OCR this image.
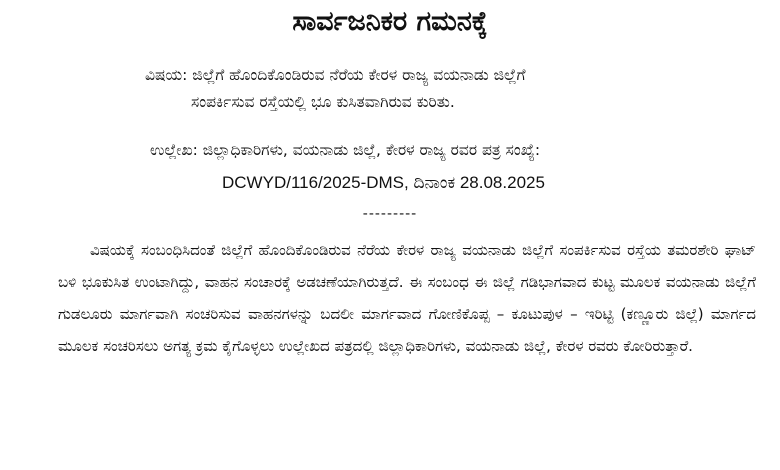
ಸಾರ್ವಜನಿಕರ ಗಮನಕ್ಕೆ
ವಿಷಯ: ಜಿಲ್ಲೆಗೆ ಹೊಂದಿಕೊಂಡಿರುವ ನೆರೆಯ ಕೇರಳ ರಾಜ್ಯ ವಯನಾಡು ಜಿಲ್ಲೆಗೆ
ಸಂಪರ್ಕಿಸುವ ರಸ್ತೆಯಲ್ಲಿ ಭೂ ಕುಸಿತವಾಗಿರುವ ಕುರಿತು.
ಉಲ್ಲೇಖ: ಜಿಲ್ಲಾಧಿಕಾರಿಗಳು, ವಯನಾಡು ಜಿಲ್ಲೆ, ಕೇರಳ ರಾಜ್ಯ ರವರ ಪತ್ರ ಸಂಖ್ಯೆ:
DCWYD/116/2025-DMS, ದಿನಾಂಕ 28.08.2025
---------
ವಿಷಯಕ್ಕೆ ಸಂಬಂಧಿಸಿದಂತೆ ಜಿಲ್ಲೆಗೆ ಹೊಂದಿಕೊಂಡಿರುವ ನೆರೆಯ ಕೇರಳ ರಾಜ್ಯ ವಯನಾಡು ಜಿಲ್ಲೆಗೆ ಸಂಪರ್ಕಿಸುವ ರಸ್ತೆಯ ತಮರಶೇರಿ ಘಾಟ್ ಬಳಿ ಭೂಕುಸಿತ ಉಂಟಾಗಿದ್ದು, ವಾಹನ ಸಂಚಾರಕ್ಕೆ ಅಡಚಣೆಯಾಗಿರುತ್ತದೆ. ಈ ಸಂಬಂಧ ಈ ಜಿಲ್ಲೆ ಗಡಿಭಾಗವಾದ ಕುಟ್ಟ ಮೂಲಕ ವಯನಾಡು ಜಿಲ್ಲೆಗೆ ಗುಡಲೂರು ಮಾರ್ಗವಾಗಿ ಸಂಚರಿಸುವ ವಾಹನಗಳನ್ನು ಬದಲೀ ಮಾರ್ಗವಾದ ಗೋಣಿಕೊಪ್ಪ – ಕೂಟುಪುಳ – ಇರಿಟ್ಟಿ (ಕಣ್ಣೂರು ಜಿಲ್ಲೆ) ಮಾರ್ಗದ ಮೂಲಕ ಸಂಚರಿಸಲು ಅಗತ್ಯ ಕ್ರಮ ಕೈಗೊಳ್ಳಲು ಉಲ್ಲೇಖದ ಪತ್ರದಲ್ಲಿ ಜಿಲ್ಲಾಧಿಕಾರಿಗಳು, ವಯನಾಡು ಜಿಲ್ಲೆ, ಕೇರಳ ರವರು ಕೋರಿರುತ್ತಾರೆ.
